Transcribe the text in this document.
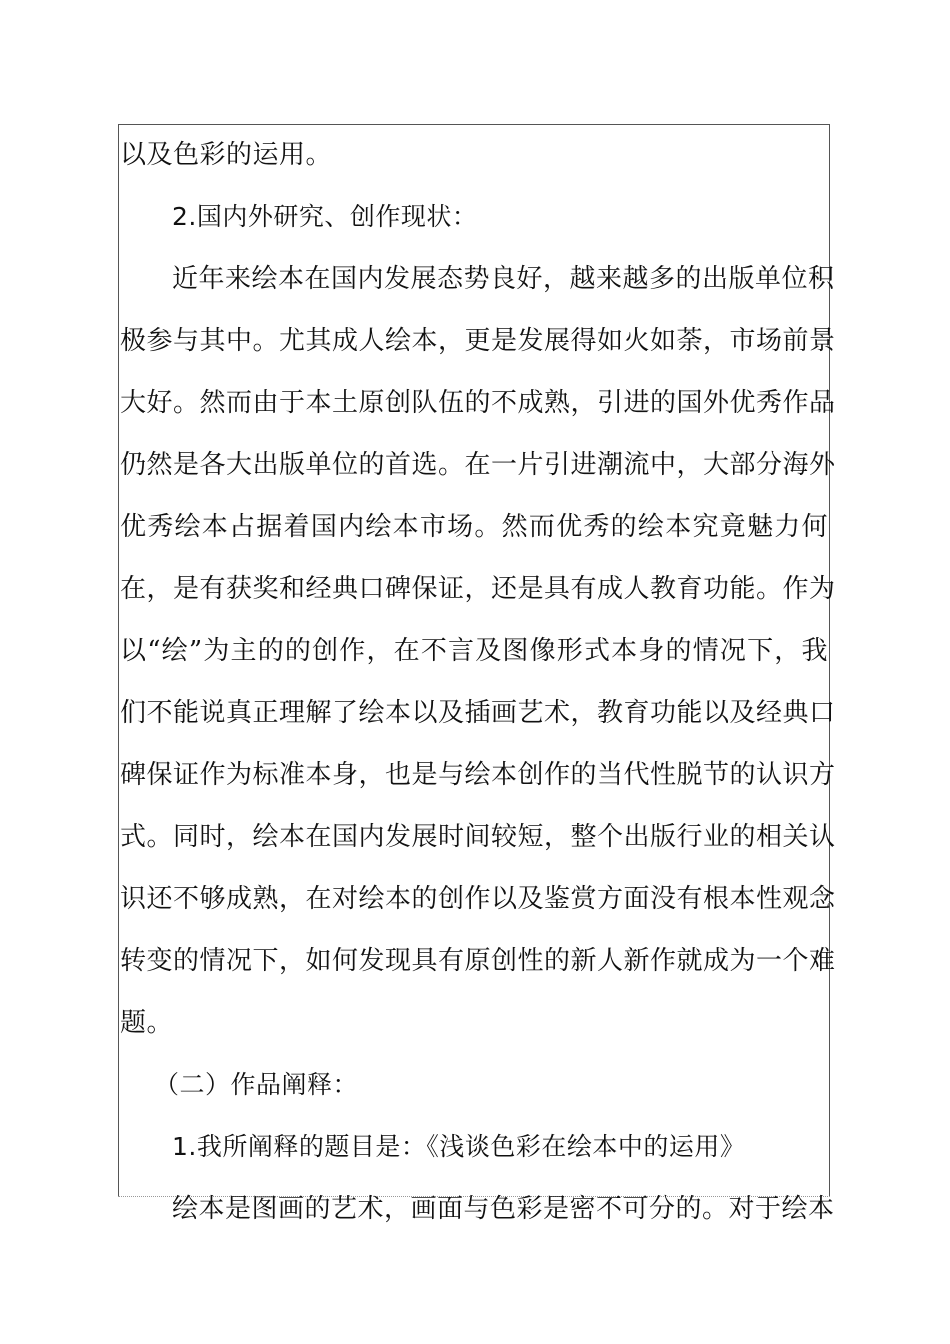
以及色彩的运用。
2.国内外研究、创作现状：
近年来绘本在国内发展态势良好，越来越多的出版单位积
极参与其中。尤其成人绘本，更是发展得如火如荼，市场前景
大好。然而由于本土原创队伍的不成熟，引进的国外优秀作品
仍然是各大出版单位的首选。在一片引进潮流中，大部分海外
优秀绘本占据着国内绘本市场。然而优秀的绘本究竟魅力何
在，是有获奖和经典口碑保证，还是具有成人教育功能。作为
以“绘”为主的的创作，在不言及图像形式本身的情况下，我
们不能说真正理解了绘本以及插画艺术，教育功能以及经典口
碑保证作为标准本身，也是与绘本创作的当代性脱节的认识方
式。同时，绘本在国内发展时间较短，整个出版行业的相关认
识还不够成熟，在对绘本的创作以及鉴赏方面没有根本性观念
转变的情况下，如何发现具有原创性的新人新作就成为一个难
题。
（二）作品阐释：
1.我所阐释的题目是：《浅谈色彩在绘本中的运用》
绘本是图画的艺术，画面与色彩是密不可分的。对于绘本
